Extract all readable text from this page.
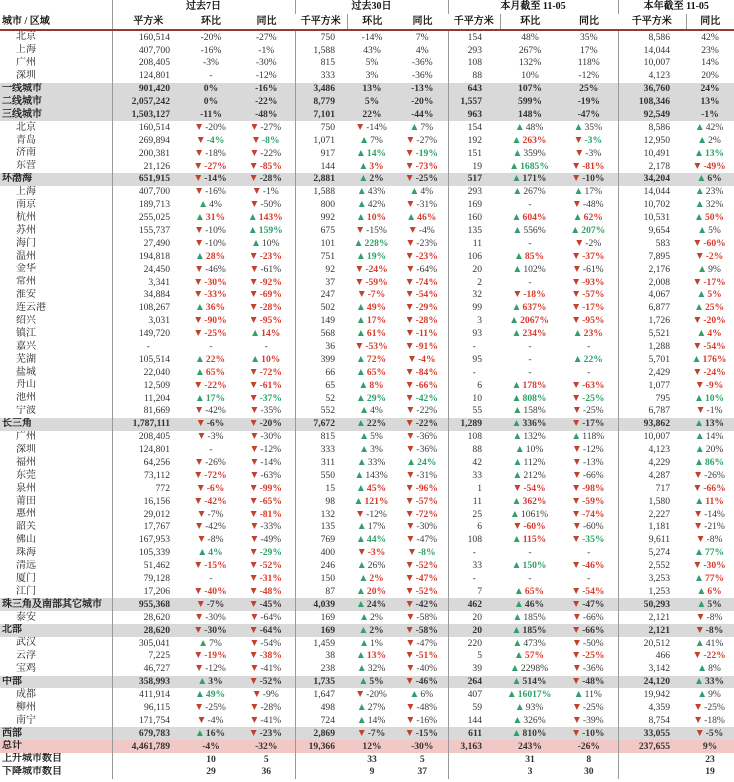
	过去7日			过去30日			本月截至 11-05			本年截至 11-05	
城市 / 区域	平方米	环比	同比	千平方米	环比	同比	千平方米	环比	同比	千平方米	同比
北京	160,514	-20%	-27%	750	-14%	7%	154	48%	35%	8,586	42%
上海	407,700	-16%	-1%	1,588	43%	4%	293	267%	17%	14,044	23%
广州	208,405	-3%	-30%	815	5%	-36%	108	132%	118%	10,007	14%
深圳	124,801	-	-12%	333	3%	-36%	88	10%	-12%	4,123	20%
一线城市	901,420	0%	-16%	3,486	13%	-13%	643	107%	25%	36,760	24%
二线城市	2,057,242	0%	-22%	8,779	5%	-20%	1,557	599%	-19%	108,346	13%
三线城市	1,503,127	-11%	-48%	7,101	22%	-44%	963	148%	-47%	92,549	-1%
北京	160,514	▼ -20%	▼ -27%	750	▼ -14%	▲ 7%	154	▲ 48%	▲ 35%	8,586	▲ 42%
青岛	269,894	▼ -4%	▼ -8%	1,071	▲ 7%	▼ -27%	192	▲ 263%	▼ -3%	12,950	▲ 2%
济南	200,381	▼ -18%	▼ -22%	917	▲ 14%	▼ -19%	151	▲ 359%	▼ -3%	10,491	▲ 13%
东营	21,126	▼ -27%	▼ -85%	144	▲ 3%	▼ -73%	19	▲ 1685%	▼ -81%	2,178	▼ -49%
环渤海	651,915	▼ -14%	▼ -28%	2,881	▲ 2%	▼ -25%	517	▲ 171%	▼ -10%	34,204	▲ 6%
上海	407,700	▼ -16%	▼ -1%	1,588	▲ 43%	▲ 4%	293	▲ 267%	▲ 17%	14,044	▲ 23%
南京	189,713	▲ 4%	▼ -50%	800	▲ 42%	▼ -31%	169	-	▼ -48%	10,702	▲ 32%
杭州	255,025	▲ 31%	▲ 143%	992	▲ 10%	▲ 46%	160	▲ 604%	▲ 62%	10,531	▲ 50%
苏州	155,737	▼ -10%	▲ 159%	675	▼ -15%	▼ -4%	135	▲ 556%	▲ 207%	9,654	▲ 5%
海门	27,490	▼ -10%	▲ 10%	101	▲ 228%	▼ -23%	11	-	▼ -2%	583	▼ -60%
温州	194,818	▲ 28%	▼ -23%	751	▲ 19%	▼ -23%	106	▲ 85%	▼ -37%	7,895	▼ -2%
金华	24,450	▼ -46%	▼ -61%	92	▼ -24%	▼ -64%	20	▲ 102%	▼ -61%	2,176	▲ 9%
常州	3,341	▼ -30%	▼ -92%	37	▼ -59%	▼ -74%	2	-	▼ -93%	2,008	▼ -17%
淮安	34,884	▼ -33%	▼ -69%	247	▼ -7%	▼ -54%	32	▼ -18%	▼ -57%	4,067	▲ 5%
连云港	108,267	▲ 36%	▼ -28%	502	▲ 49%	▼ -29%	99	▲ 637%	▼ -17%	6,877	▲ 25%
绍兴	3,031	▼ -90%	▼ -95%	149	▲ 17%	▼ -28%	3	▲ 2067%	▼ -95%	1,726	▼ -20%
镇江	149,720	▼ -25%	▲ 14%	568	▲ 61%	▼ -11%	93	▲ 234%	▲ 23%	5,521	▲ 4%
嘉兴	-	-	-	36	▼ -53%	▼ -91%	-	-	-	1,288	▼ -54%
芜湖	105,514	▲ 22%	▲ 10%	399	▲ 72%	▼ -4%	95	-	▲ 22%	5,701	▲ 176%
盐城	22,040	▲ 65%	▼ -72%	66	▲ 65%	▼ -84%	-	-	-	2,429	▼ -24%
舟山	12,509	▼ -22%	▼ -61%	65	▲ 8%	▼ -66%	6	▲ 178%	▼ -63%	1,077	▼ -9%
池州	11,204	▲ 17%	▼ -37%	52	▲ 29%	▼ -42%	10	▲ 808%	▼ -25%	795	▲ 10%
宁波	81,669	▼ -42%	▼ -35%	552	▲ 4%	▼ -22%	55	▲ 158%	▼ -25%	6,787	▼ -1%
长三角	1,787,111	▼ -6%	▼ -20%	7,672	▲ 22%	▼ -22%	1,289	▲ 336%	▼ -17%	93,862	▲ 13%
广州	208,405	▼ -3%	▼ -30%	815	▲ 5%	▼ -36%	108	▲ 132%	▲ 118%	10,007	▲ 14%
深圳	124,801	-	▼ -12%	333	▲ 3%	▼ -36%	88	▲ 10%	▼ -12%	4,123	▲ 20%
福州	64,256	▼ -26%	▼ -14%	311	▲ 33%	▲ 24%	42	▲ 112%	▼ -13%	4,229	▲ 86%
东莞	73,112	▼ -72%	▼ -63%	550	▲ 143%	▼ -31%	33	▲ 212%	▼ -66%	4,287	▼ -26%
泉州	772	▼ -6%	▼ -99%	15	▲ 45%	▼ -96%	1	▼ -54%	▼ -98%	717	▼ -66%
莆田	16,156	▼ -42%	▼ -65%	98	▲ 121%	▼ -57%	11	▲ 362%	▼ -59%	1,580	▲ 11%
惠州	29,012	▼ -7%	▼ -81%	132	▼ -12%	▼ -72%	25	▲ 1061%	▼ -74%	2,227	▼ -14%
韶关	17,767	▼ -42%	▼ -33%	135	▲ 17%	▼ -30%	6	▼ -60%	▼ -60%	1,181	▼ -21%
佛山	167,953	▼ -8%	▼ -49%	769	▲ 44%	▼ -47%	108	▲ 115%	▼ -35%	9,611	▼ -8%
珠海	105,339	▲ 4%	▼ -29%	400	▼ -3%	▼ -8%	-	-	-	5,274	▲ 77%
清远	51,462	▼ -15%	▼ -52%	246	▲ 26%	▼ -52%	33	▲ 150%	▼ -46%	2,552	▼ -30%
厦门	79,128	-	▼ -31%	150	▲ 2%	▼ -47%	-	-	-	3,253	▲ 77%
江门	17,206	▼ -40%	▼ -48%	87	▲ 20%	▼ -52%	7	▲ 65%	▼ -54%	1,253	▲ 6%
珠三角及南部其它城市	955,368	▼ -7%	▼ -45%	4,039	▲ 24%	▼ -42%	462	▲ 46%	▼ -47%	50,293	▲ 5%
泰安	28,620	▼ -30%	▼ -64%	169	▲ 2%	▼ -58%	20	▲ 185%	▼ -66%	2,121	▼ -8%
北部	28,620	▼ -30%	▼ -64%	169	▲ 2%	▼ -58%	20	▲ 185%	▼ -66%	2,121	▼ -8%
武汉	305,041	▲ 7%	▼ -54%	1,459	▲ 1%	▼ -47%	220	▲ 473%	▼ -50%	20,512	▲ 41%
云浮	7,225	▼ -19%	▼ -38%	38	▲ 13%	▼ -51%	5	▲ 57%	▼ -25%	466	▼ -22%
宝鸡	46,727	▼ -12%	▼ -41%	238	▲ 32%	▼ -40%	39	▲ 2298%	▼ -36%	3,142	▲ 8%
中部	358,993	▲ 3%	▼ -52%	1,735	▲ 5%	▼ -46%	264	▲ 514%	▼ -48%	24,120	▲ 33%
成都	411,914	▲ 49%	▼ -9%	1,647	▼ -20%	▲ 6%	407	▲ 16017%	▲ 11%	19,942	▲ 9%
柳州	96,115	▼ -25%	▼ -28%	498	▲ 27%	▼ -48%	59	▲ 93%	▼ -25%	4,359	▼ -25%
南宁	171,754	▼ -4%	▼ -41%	724	▲ 14%	▼ -16%	144	▲ 326%	▼ -39%	8,754	▼ -18%
西部	679,783	▲ 16%	▼ -23%	2,869	▼ -7%	▼ -15%	611	▲ 810%	▼ -10%	33,055	▼ -5%
总计	4,461,789	-4%	-32%	19,366	12%	-30%	3,163	243%	-26%	237,655	9%
上升城市数目		10	5		33	5		31	8		23
下降城市数目		29	36		9	37		3	30		19
